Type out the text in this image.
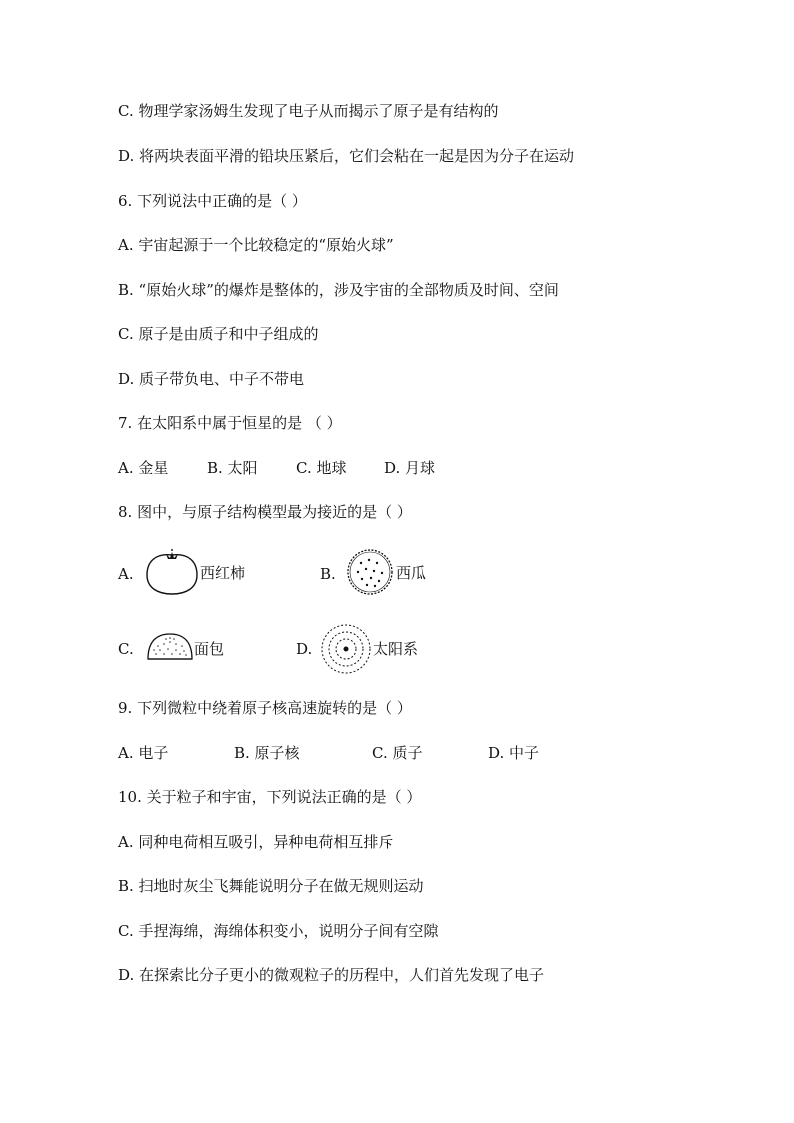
C. 物理学家汤姆生发现了电子从而揭示了原子是有结构的
D. 将两块表面平滑的铅块压紧后，它们会粘在一起是因为分子在运动
6. 下列说法中正确的是（ ）
A. 宇宙起源于一个比较稳定的“原始火球”
B. “原始火球”的爆炸是整体的，涉及宇宙的全部物质及时间、空间
C. 原子是由质子和中子组成的
D. 质子带负电、中子不带电
7. 在太阳系中属于恒星的是 （ ）
A. 金星	B. 太阳	C. 地球	D. 月球
8. 图中，与原子结构模型最为接近的是（ ）
A.	西红柿	B.	西瓜
C.	面包	D.	太阳系
9. 下列微粒中绕着原子核高速旋转的是（ ）
A. 电子	B. 原子核	C. 质子	D. 中子
10. 关于粒子和宇宙，下列说法正确的是（ ）
A. 同种电荷相互吸引，异种电荷相互排斥
B. 扫地时灰尘飞舞能说明分子在做无规则运动
C. 手捏海绵，海绵体积变小，说明分子间有空隙
D. 在探索比分子更小的微观粒子的历程中，人们首先发现了电子
